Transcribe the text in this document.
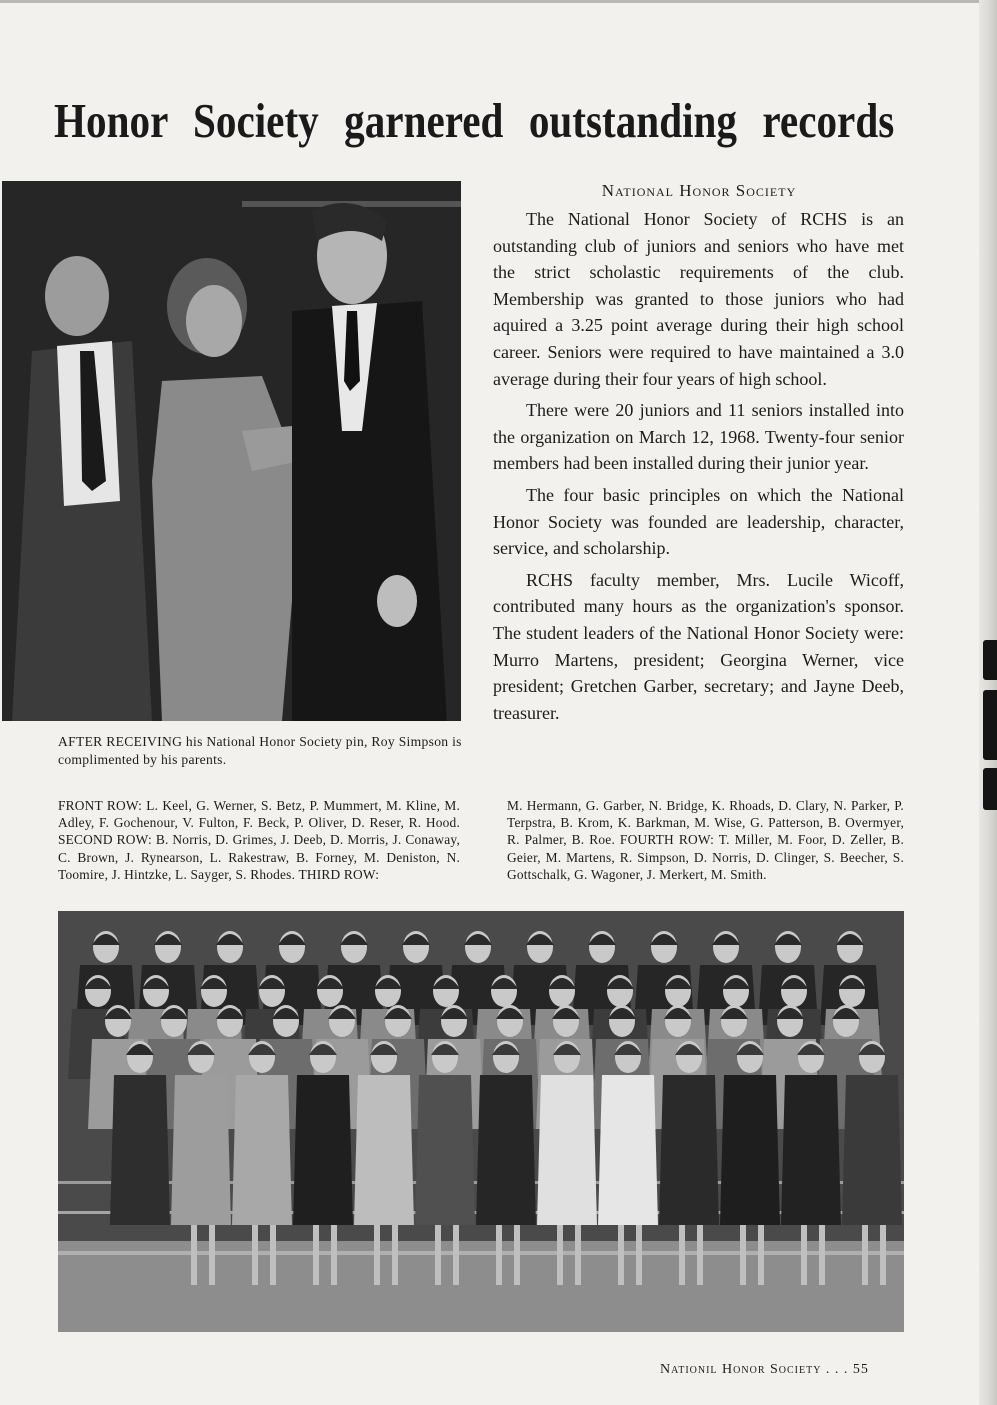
Honor Society garnered outstanding records
AFTER RECEIVING his National Honor Society pin, Roy Simpson is complimented by his parents.
National Honor Society

The National Honor Society of RCHS is an outstanding club of juniors and seniors who have met the strict scholastic requirements of the club. Membership was granted to those juniors who had aquired a 3.25 point average during their high school career. Seniors were required to have maintained a 3.0 average during their four years of high school.

There were 20 juniors and 11 seniors installed into the organization on March 12, 1968. Twenty-four senior members had been installed during their junior year.

The four basic principles on which the National Honor Society was founded are leadership, character, service, and scholarship.

RCHS faculty member, Mrs. Lucile Wicoff, contributed many hours as the organization's sponsor. The student leaders of the National Honor Society were: Murro Martens, president; Georgina Werner, vice president; Gretchen Garber, secretary; and Jayne Deeb, treasurer.

FRONT ROW: L. Keel, G. Werner, S. Betz, P. Mummert, M. Kline, M. Adley, F. Gochenour, V. Fulton, F. Beck, P. Oliver, D. Reser, R. Hood. SECOND ROW: B. Norris, D. Grimes, J. Deeb, D. Morris, J. Conaway, C. Brown, J. Rynearson, L. Rakestraw, B. Forney, M. Deniston, N. Toomire, J. Hintzke, L. Sayger, S. Rhodes. THIRD ROW:
M. Hermann, G. Garber, N. Bridge, K. Rhoads, D. Clary, N. Parker, P. Terpstra, B. Krom, K. Barkman, M. Wise, G. Patterson, B. Overmyer, R. Palmer, B. Roe. FOURTH ROW: T. Miller, M. Foor, D. Zeller, B. Geier, M. Martens, R. Simpson, D. Norris, D. Clinger, S. Beecher, S. Gottschalk, G. Wagoner, J. Merkert, M. Smith.
Nationil Honor Society . . . 55
